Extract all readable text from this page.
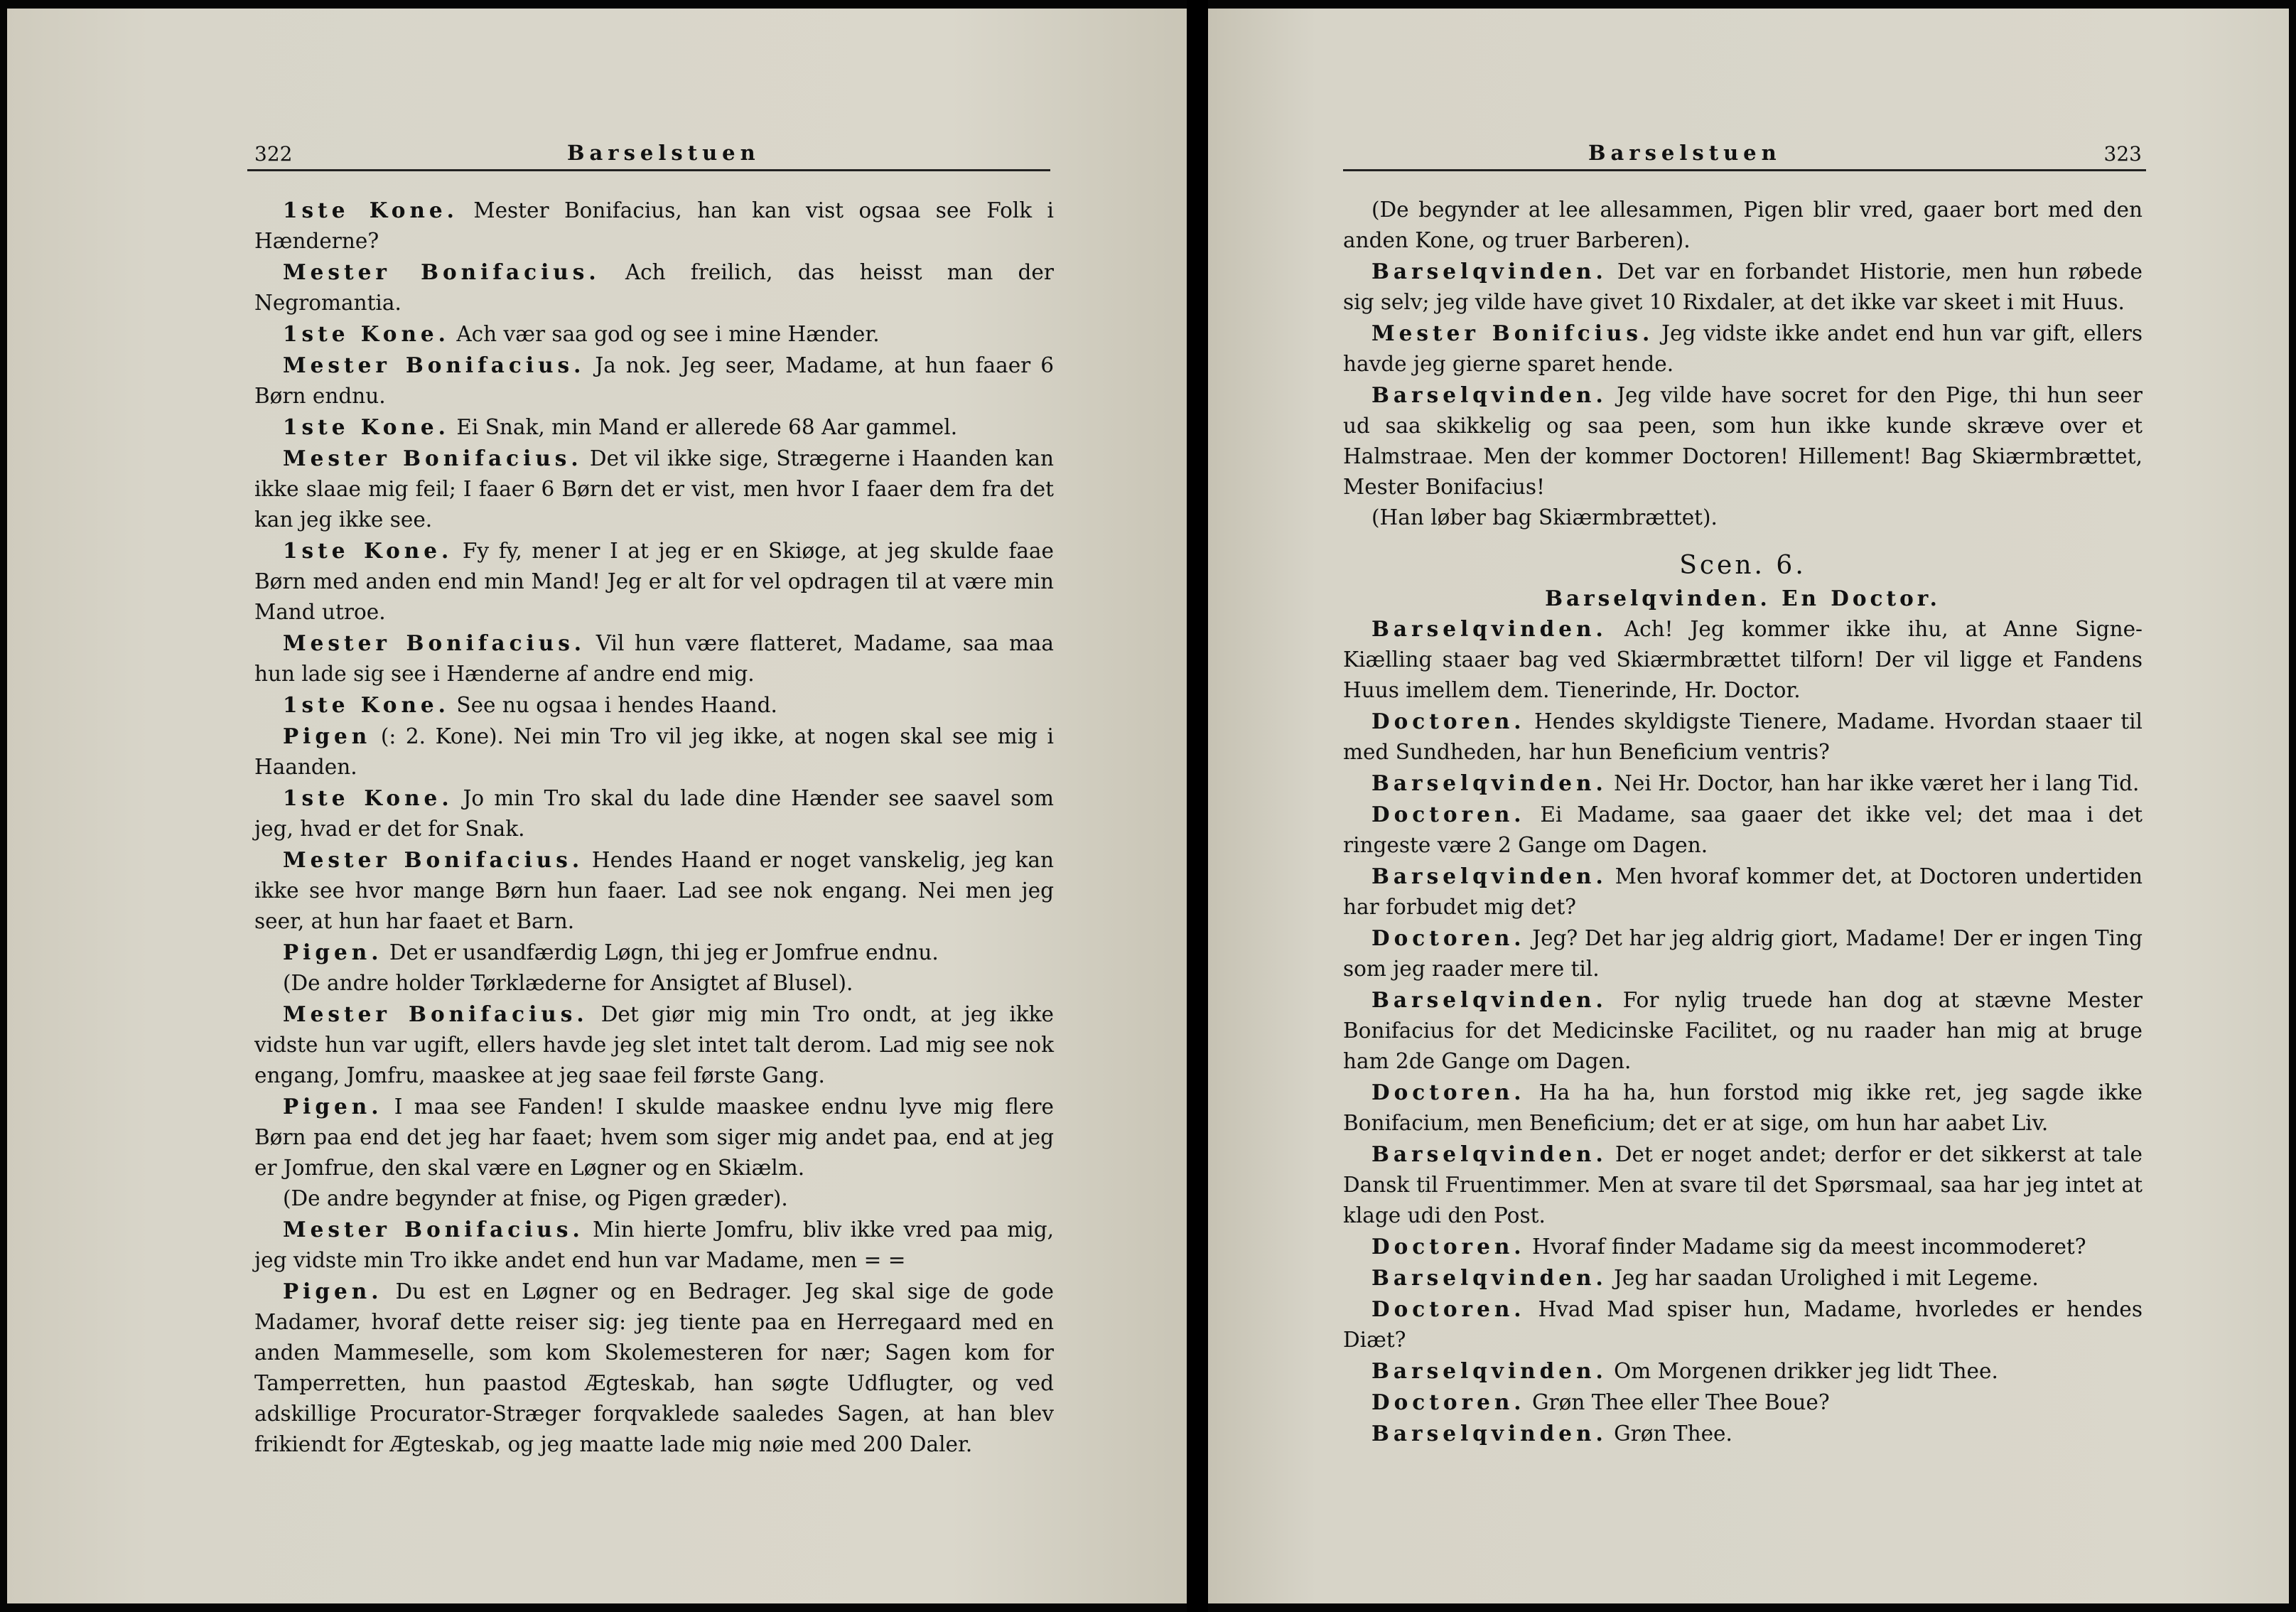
322	Barselstuen

1ste Kone. Mester Bonifacius, han kan vist ogsaa see Folk i Hænderne?

Mester Bonifacius. Ach freilich, das heisst man der Negromantia.

1ste Kone. Ach vær saa god og see i mine Hænder.

Mester Bonifacius. Ja nok. Jeg seer, Madame, at hun faaer 6 Børn endnu.

1ste Kone. Ei Snak, min Mand er allerede 68 Aar gammel.

Mester Bonifacius. Det vil ikke sige, Strægerne i Haanden kan ikke slaae mig feil; I faaer 6 Børn det er vist, men hvor I faaer dem fra det kan jeg ikke see.

1ste Kone. Fy fy, mener I at jeg er en Skiøge, at jeg skulde faae Børn med anden end min Mand! Jeg er alt for vel opdragen til at være min Mand utroe.

Mester Bonifacius. Vil hun være flatteret, Madame, saa maa hun lade sig see i Hænderne af andre end mig.

1ste Kone. See nu ogsaa i hendes Haand.

Pigen (: 2. Kone). Nei min Tro vil jeg ikke, at nogen skal see mig i Haanden.

1ste Kone. Jo min Tro skal du lade dine Hænder see saavel som jeg, hvad er det for Snak.

Mester Bonifacius. Hendes Haand er noget vanskelig, jeg kan ikke see hvor mange Børn hun faaer. Lad see nok engang. Nei men jeg seer, at hun har faaet et Barn.

Pigen. Det er usandfærdig Løgn, thi jeg er Jomfrue endnu.

(De andre holder Tørklæderne for Ansigtet af Blusel).

Mester Bonifacius. Det giør mig min Tro ondt, at jeg ikke vidste hun var ugift, ellers havde jeg slet intet talt derom. Lad mig see nok engang, Jomfru, maaskee at jeg saae feil første Gang.

Pigen. I maa see Fanden! I skulde maaskee endnu lyve mig flere Børn paa end det jeg har faaet; hvem som siger mig andet paa, end at jeg er Jomfrue, den skal være en Løgner og en Skiælm.

(De andre begynder at fnise, og Pigen græder).

Mester Bonifacius. Min hierte Jomfru, bliv ikke vred paa mig, jeg vidste min Tro ikke andet end hun var Madame, men = =

Pigen. Du est en Løgner og en Bedrager. Jeg skal sige de gode Madamer, hvoraf dette reiser sig: jeg tiente paa en Herregaard med en anden Mammeselle, som kom Skolemesteren for nær; Sagen kom for Tamperretten, hun paastod Ægteskab, han søgte Udflugter, og ved adskillige Procurator-Stræger forqvaklede saaledes Sagen, at han blev frikiendt for Ægteskab, og jeg maatte lade mig nøie med 200 Daler.

Barselstuen	323

(De begynder at lee allesammen, Pigen blir vred, gaaer bort med den anden Kone, og truer Barberen).

Barselqvinden. Det var en forbandet Historie, men hun røbede sig selv; jeg vilde have givet 10 Rixdaler, at det ikke var skeet i mit Huus.

Mester Bonifcius. Jeg vidste ikke andet end hun var gift, ellers havde jeg gierne sparet hende.

Barselqvinden. Jeg vilde have socret for den Pige, thi hun seer ud saa skikkelig og saa peen, som hun ikke kunde skræve over et Halmstraae. Men der kommer Doctoren! Hillement! Bag Skiærmbrættet, Mester Bonifacius!

(Han løber bag Skiærmbrættet).

Scen. 6.

Barselqvinden. En Doctor.

Barselqvinden. Ach! Jeg kommer ikke ihu, at Anne Signe-Kiælling staaer bag ved Skiærmbrættet tilforn! Der vil ligge et Fandens Huus imellem dem. Tienerinde, Hr. Doctor.

Doctoren. Hendes skyldigste Tienere, Madame. Hvordan staaer til med Sundheden, har hun Beneficium ventris?

Barselqvinden. Nei Hr. Doctor, han har ikke været her i lang Tid.

Doctoren. Ei Madame, saa gaaer det ikke vel; det maa i det ringeste være 2 Gange om Dagen.

Barselqvinden. Men hvoraf kommer det, at Doctoren undertiden har forbudet mig det?

Doctoren. Jeg? Det har jeg aldrig giort, Madame! Der er ingen Ting som jeg raader mere til.

Barselqvinden. For nylig truede han dog at stævne Mester Bonifacius for det Medicinske Facilitet, og nu raader han mig at bruge ham 2de Gange om Dagen.

Doctoren. Ha ha ha, hun forstod mig ikke ret, jeg sagde ikke Bonifacium, men Beneficium; det er at sige, om hun har aabet Liv.

Barselqvinden. Det er noget andet; derfor er det sikkerst at tale Dansk til Fruentimmer. Men at svare til det Spørsmaal, saa har jeg intet at klage udi den Post.

Doctoren. Hvoraf finder Madame sig da meest incommoderet?

Barselqvinden. Jeg har saadan Urolighed i mit Legeme.

Doctoren. Hvad Mad spiser hun, Madame, hvorledes er hendes Diæt?

Barselqvinden. Om Morgenen drikker jeg lidt Thee.

Doctoren. Grøn Thee eller Thee Boue?

Barselqvinden. Grøn Thee.
